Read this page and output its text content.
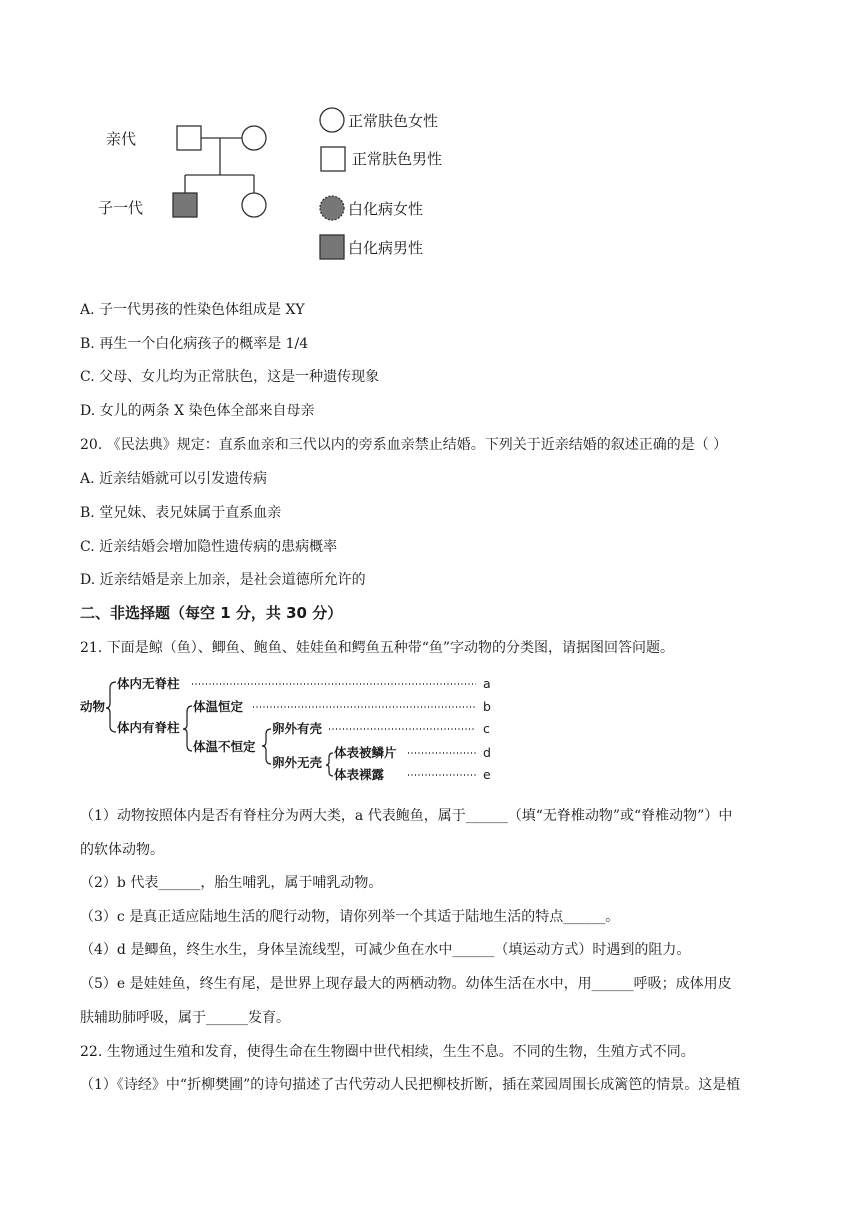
亲代
子一代
正常肤色女性
正常肤色男性
白化病女性
白化病男性
A. 子一代男孩的性染色体组成是 XY
B. 再生一个白化病孩子的概率是 1/4
C. 父母、女儿均为正常肤色，这是一种遗传现象
D. 女儿的两条 X 染色体全部来自母亲
20. 《民法典》规定：直系血亲和三代以内的旁系血亲禁止结婚。下列关于近亲结婚的叙述正确的是（ ）
A. 近亲结婚就可以引发遗传病
B. 堂兄妹、表兄妹属于直系血亲
C. 近亲结婚会增加隐性遗传病的患病概率
D. 近亲结婚是亲上加亲，是社会道德所允许的
二、非选择题（每空 1 分，共 30 分）
21. 下面是鲸（鱼）、鲫鱼、鲍鱼、娃娃鱼和鳄鱼五种带“鱼”字动物的分类图，请据图回答问题。
动物
体内无脊柱
体内有脊柱
体温恒定
体温不恒定
卵外有壳
卵外无壳
体表被鳞片
体表裸露
a
b
c
d
e
（1）动物按照体内是否有脊柱分为两大类，a 代表鲍鱼，属于______（填“无脊椎动物”或“脊椎动物”）中
的软体动物。
（2）b 代表______，胎生哺乳，属于哺乳动物。
（3）c 是真正适应陆地生活的爬行动物，请你列举一个其适于陆地生活的特点______。
（4）d 是鲫鱼，终生水生，身体呈流线型，可减少鱼在水中______（填运动方式）时遇到的阻力。
（5）e 是娃娃鱼，终生有尾，是世界上现存最大的两栖动物。幼体生活在水中，用______呼吸；成体用皮
肤辅助肺呼吸，属于______发育。
22. 生物通过生殖和发育，使得生命在生物圈中世代相续，生生不息。不同的生物，生殖方式不同。
（1）《诗经》中“折柳樊圃”的诗句描述了古代劳动人民把柳枝折断，插在菜园周围长成篱笆的情景。这是植
